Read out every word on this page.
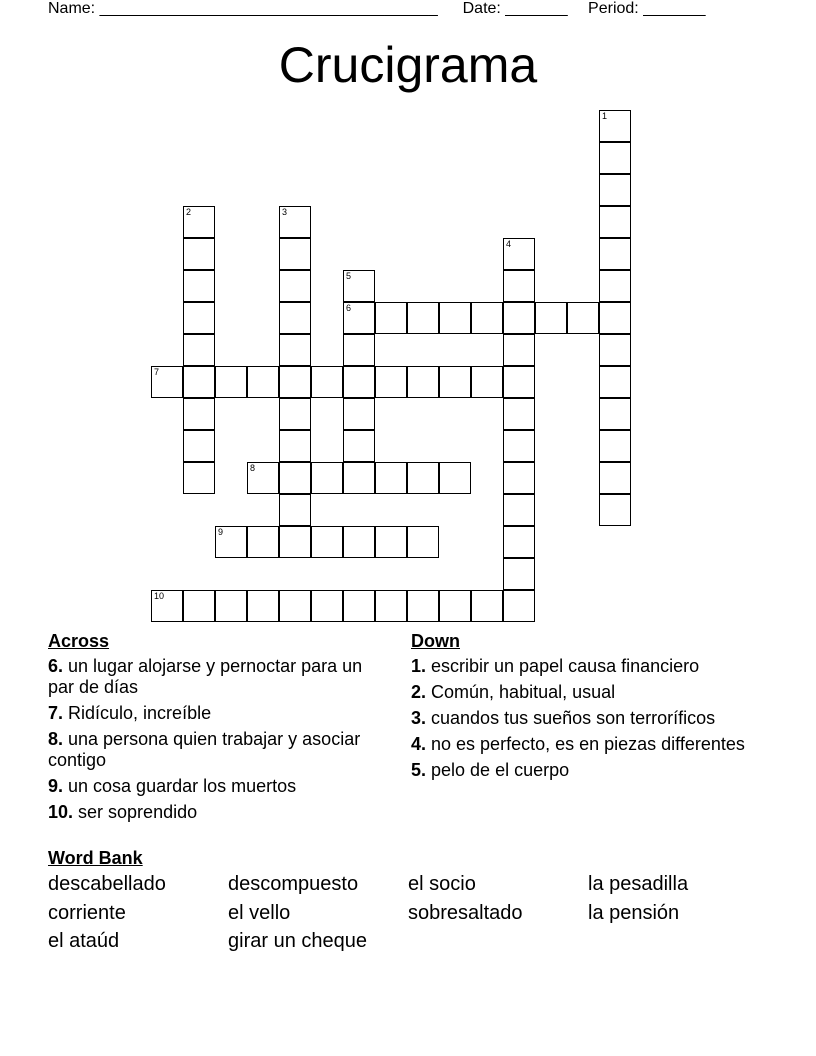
Name: ______________________________________ Date: _______ Period: _______
Crucigrama
1
2	3
4
5
6
7
8
9
10
Across
6. un lugar alojarse y pernoctar para un par de días
7. Ridículo, increíble
8. una persona quien trabajar y asociar contigo
9. un cosa guardar los muertos
10. ser soprendido
Down
1. escribir un papel causa financiero
2. Común, habitual, usual
3. cuandos tus sueños son terroríficos
4. no es perfecto, es en piezas differentes
5. pelo de el cuerpo
Word Bank
descabellado	descompuesto	el socio	la pesadilla
corriente	el vello	sobresaltado	la pensión
el ataúd	girar un cheque
